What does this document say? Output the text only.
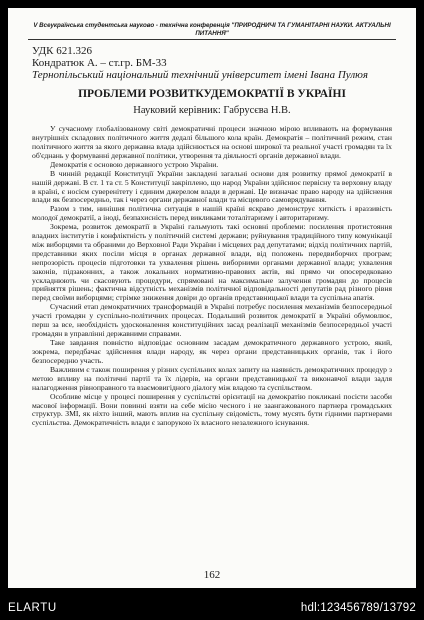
V Всеукраїнська студентська науково - технічна конференція "ПРИРОДНИЧІ ТА ГУМАНІТАРНІ НАУКИ. АКТУАЛЬНІ ПИТАННЯ"
УДК 621.326
Кондратюк А. – ст.гр. БМ-33
Тернопільський національний технічний університет імені Івана Пулюя
ПРОБЛЕМИ РОЗВИТКУДЕМОКРАТІЇ В УКРАЇНІ
Науковий керівник: Габрусєва Н.В.

У сучасному глобалізованому світі демократичні процеси значною мірою впливають на формування внутрішніх складових політичного життя дедалі більшого кола країн. Демократія – політичний режим, стан політичного життя за якого державна влада здійснюється на основі широкої та реальної участі громадян та їх об'єднань у формуванні державної політики, утворення та діяльності органів державної влади.

Демократія є основою державного устрою України.

В чинній редакції Конституції України закладені загальні основи для розвитку прямої демократії в нашій державі. В ст. 1 та ст. 5 Конституції закріплено, що народ України здійснює первісну та верховну владу в країні, є носієм суверенітету і єдиним джерелом влади в державі. Це визначає право народу на здійснення влади як безпосередньо, так і через органи державної влади та місцевого самоврядування.

Разом з тим, нинішня політична ситуація в нашій країні яскраво демонструє хиткість і враззивість молодої демократії, а іноді, безпахисність перед викликами тоталітаризму і авторитаризму.

Зокрема, розвиток демократії в Україні гальмують такі основні проблеми: посилення протистояння владних інститутів і конфліктність у політичній системі держави; руйнування традиційного типу комунікації між виборцями та обраними до Верховної Ради України і місцевих рад депутатами; відхід політичних партій, представники яких посіли місця в органах державної влади, від положень передвиборчих програм; непрозорість процесів підготовки та ухвалення рішень виборними органами державної влади; ухвалення законів, підзаконних, а також локальних нормативно-правових актів, які прямо чи опосередковано ускладнюють чи скасовують процедури, спрямовані на максимальне залучення громадян до процесів прийняття рішень; фактична відсутність механізмів політичної відповідальності депутатів рад різного рівня перед своїми виборцями; стрімке зниження довіри до органів представницької влади та суспільна апатія.

Сучасний етап демократичних трансформацій в Україні потребує посилення механізмів безпосередньої участі громадян у суспільно-політичних процесах. Подальший розвиток демократії в Україні обумовлює, перш за все, необхідність удосконалення конституційних засад реалізації механізмів безпосередньої участі громадян в управлінні державними справами.

Таке завдання повністю відповідає основним засадам демократичного державного устрою, який, зокрема, передбачає здійснення влади народу, як через органи представницьких органів, так і його безпосередню участь.

Важливим є також поширення у різних суспільних колах запиту на наявність демократичних процедур з метою впливу на політичні партії та їх лідерів, на органи представницької та виконавчої влади задля налагодження рівноправного та взаємовигідного діалогу між владою та суспільством.

Особливе місце у процесі поширення у суспільстві орієнтації на демократію покликані посісти засоби масової інформації. Вони повинні взяти на себе місію чесного і не заангажованого партнера громадських структур. ЗМІ, як ніхто інший, мають вплив на суспільну свідомість, тому мусять бути гідними партнерами суспільства. Демократичність влади є запорукою їх власного незалежного існування.

162
ELARTU	hdl:123456789/13792
